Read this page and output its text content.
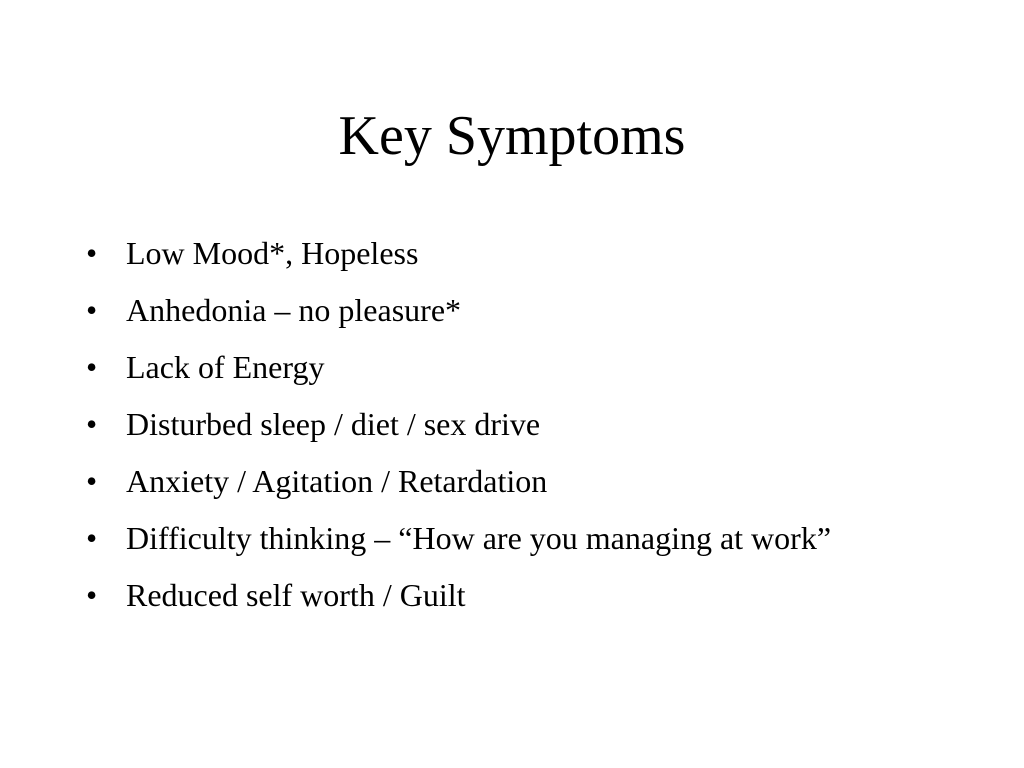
Key Symptoms
• Low Mood*, Hopeless
• Anhedonia – no pleasure*
• Lack of Energy
• Disturbed sleep / diet / sex drive
• Anxiety / Agitation / Retardation
• Difficulty thinking – “How are you managing at work”
• Reduced self worth / Guilt
